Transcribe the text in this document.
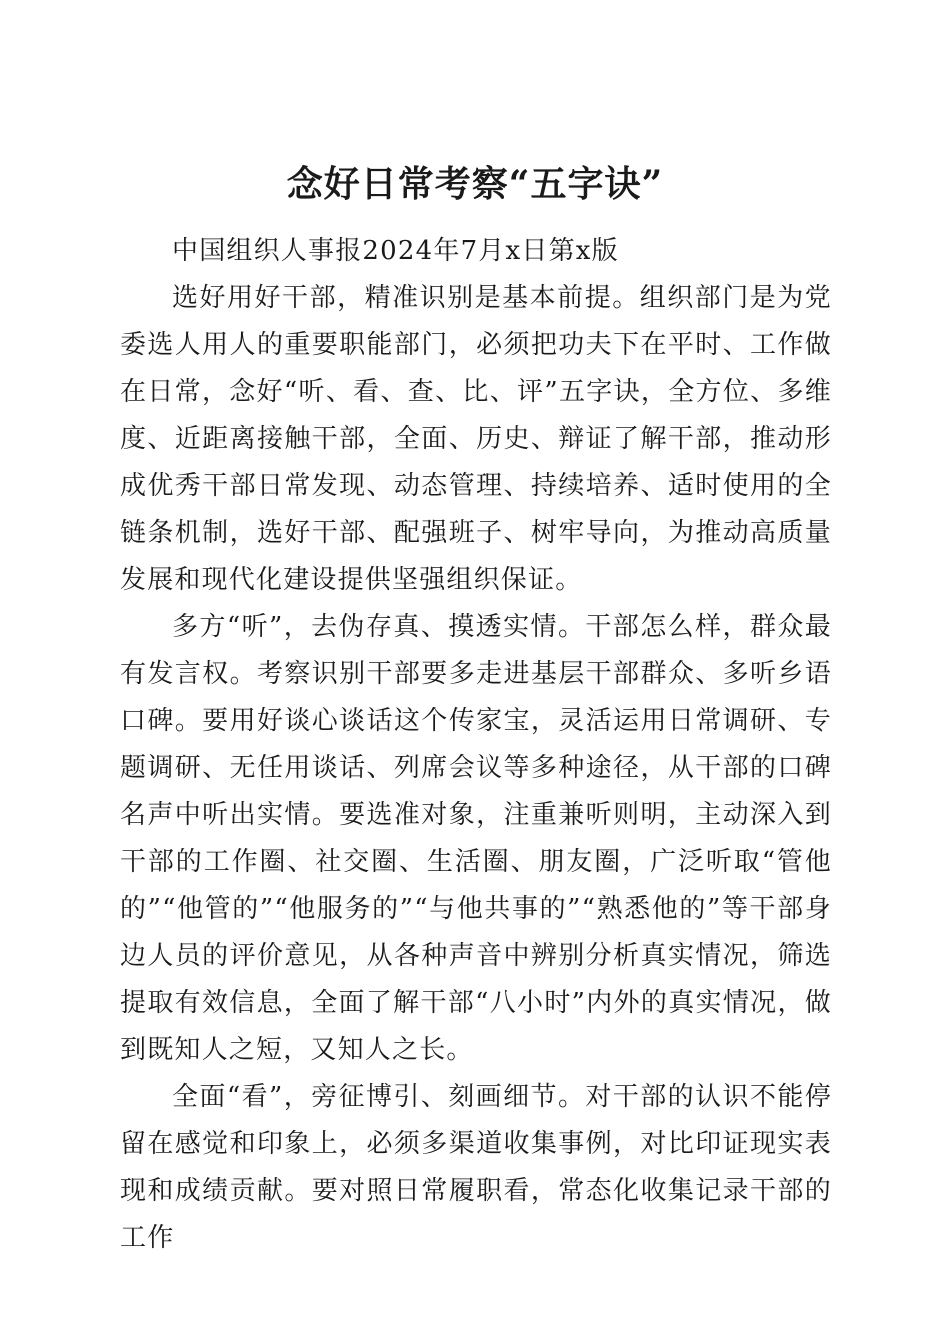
念好日常考察“五字诀”

中国组织人事报2024年7月x日第x版

选好用好干部，精准识别是基本前提。组织部门是为党委选人用人的重要职能部门，必须把功夫下在平时、工作做在日常，念好“听、看、查、比、评”五字诀，全方位、多维度、近距离接触干部，全面、历史、辩证了解干部，推动形成优秀干部日常发现、动态管理、持续培养、适时使用的全链条机制，选好干部、配强班子、树牢导向，为推动高质量发展和现代化建设提供坚强组织保证。

多方“听”，去伪存真、摸透实情。干部怎么样，群众最有发言权。考察识别干部要多走进基层干部群众、多听乡语口碑。要用好谈心谈话这个传家宝，灵活运用日常调研、专题调研、无任用谈话、列席会议等多种途径，从干部的口碑名声中听出实情。要选准对象，注重兼听则明，主动深入到干部的工作圈、社交圈、生活圈、朋友圈，广泛听取“管他的”“他管的”“他服务的”“与他共事的”“熟悉他的”等干部身边人员的评价意见，从各种声音中辨别分析真实情况，筛选提取有效信息，全面了解干部“八小时”内外的真实情况，做到既知人之短，又知人之长。

全面“看”，旁征博引、刻画细节。对干部的认识不能停留在感觉和印象上，必须多渠道收集事例，对比印证现实表现和成绩贡献。要对照日常履职看，常态化收集记录干部的工作
